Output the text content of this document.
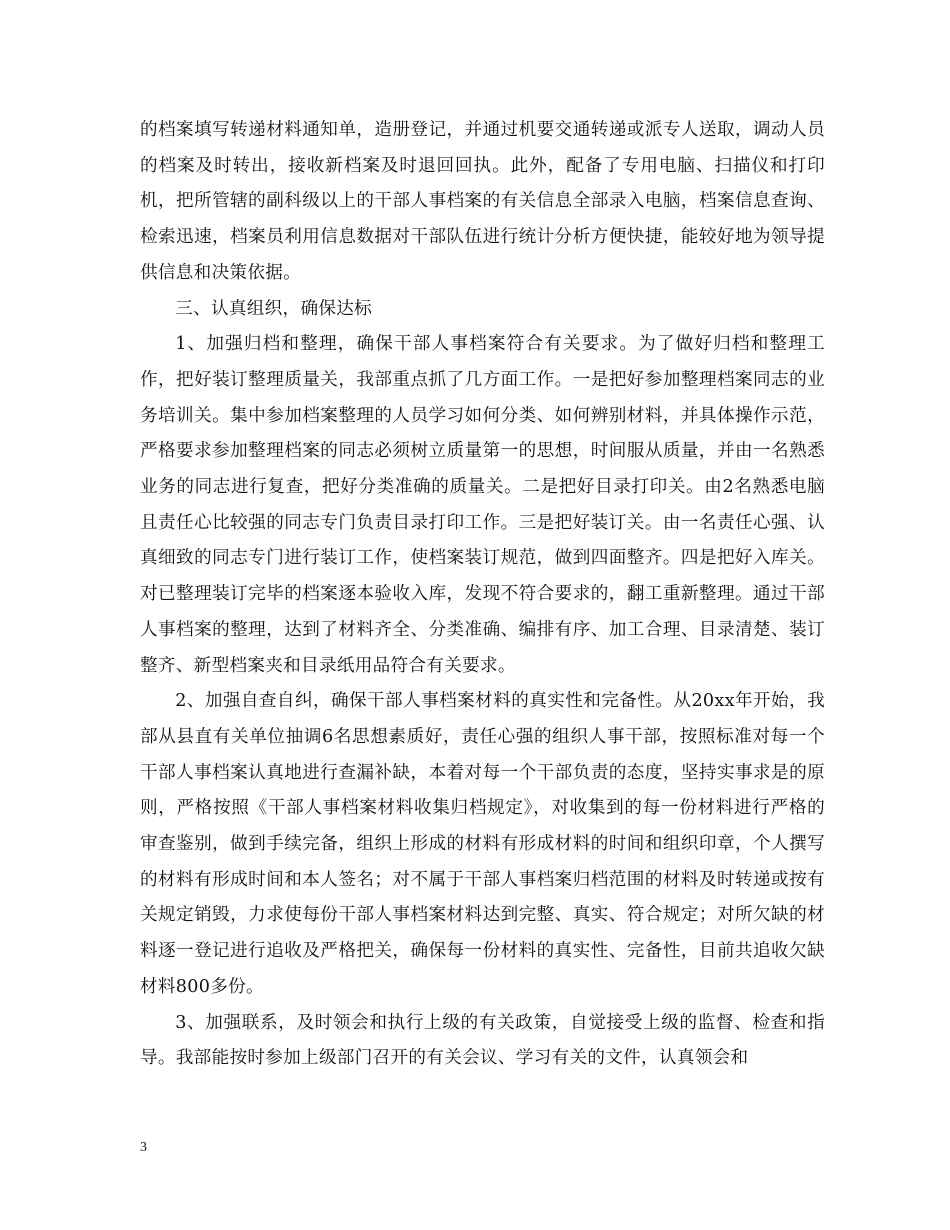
的档案填写转递材料通知单，造册登记，并通过机要交通转递或派专人送取，调动人员的档案及时转出，接收新档案及时退回回执。此外，配备了专用电脑、扫描仪和打印机，把所管辖的副科级以上的干部人事档案的有关信息全部录入电脑，档案信息查询、检索迅速，档案员利用信息数据对干部队伍进行统计分析方便快捷，能较好地为领导提供信息和决策依据。

三、认真组织，确保达标

1、加强归档和整理，确保干部人事档案符合有关要求。为了做好归档和整理工作，把好装订整理质量关，我部重点抓了几方面工作。一是把好参加整理档案同志的业务培训关。集中参加档案整理的人员学习如何分类、如何辨别材料，并具体操作示范，严格要求参加整理档案的同志必须树立质量第一的思想，时间服从质量，并由一名熟悉业务的同志进行复查，把好分类准确的质量关。二是把好目录打印关。由2名熟悉电脑且责任心比较强的同志专门负责目录打印工作。三是把好装订关。由一名责任心强、认真细致的同志专门进行装订工作，使档案装订规范，做到四面整齐。四是把好入库关。对已整理装订完毕的档案逐本验收入库，发现不符合要求的，翻工重新整理。通过干部人事档案的整理，达到了材料齐全、分类准确、编排有序、加工合理、目录清楚、装订整齐、新型档案夹和目录纸用品符合有关要求。

2、加强自查自纠，确保干部人事档案材料的真实性和完备性。从20xx年开始，我部从县直有关单位抽调6名思想素质好，责任心强的组织人事干部，按照标准对每一个干部人事档案认真地进行查漏补缺，本着对每一个干部负责的态度，坚持实事求是的原则，严格按照《干部人事档案材料收集归档规定》，对收集到的每一份材料进行严格的审查鉴别，做到手续完备，组织上形成的材料有形成材料的时间和组织印章，个人撰写的材料有形成时间和本人签名；对不属于干部人事档案归档范围的材料及时转递或按有关规定销毁，力求使每份干部人事档案材料达到完整、真实、符合规定；对所欠缺的材料逐一登记进行追收及严格把关，确保每一份材料的真实性、完备性，目前共追收欠缺材料800多份。

3、加强联系，及时领会和执行上级的有关政策，自觉接受上级的监督、检查和指导。我部能按时参加上级部门召开的有关会议、学习有关的文件，认真领会和

3
